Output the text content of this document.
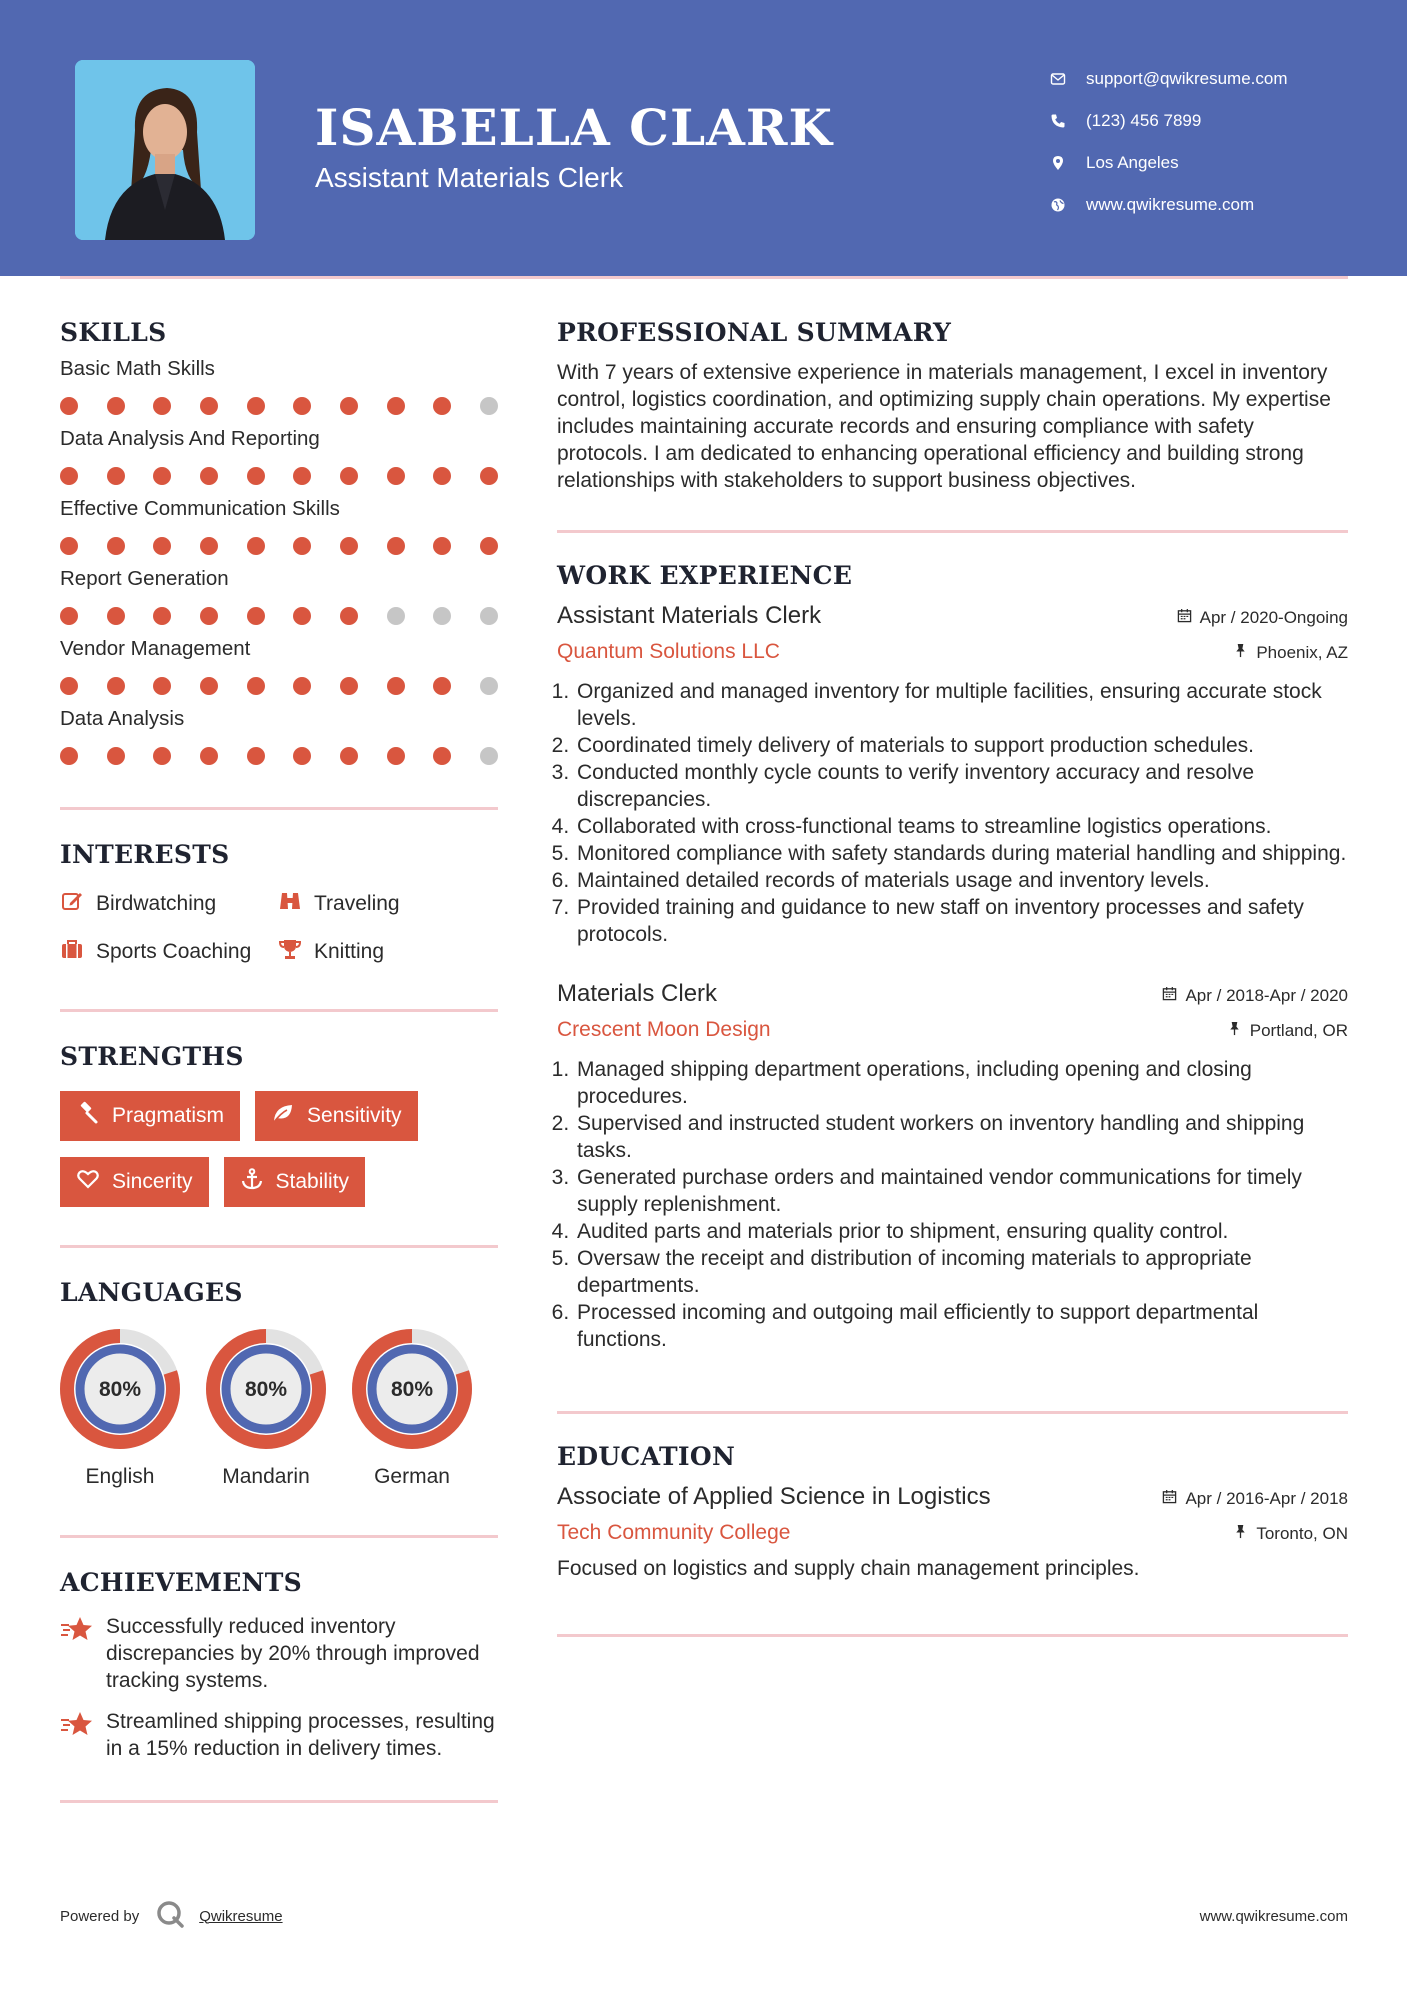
ISABELLA CLARK
Assistant Materials Clerk
support@qwikresume.com
(123) 456 7899
Los Angeles
www.qwikresume.com
SKILLS
Basic Math Skills
Data Analysis And Reporting
Effective Communication Skills
Report Generation
Vendor Management
Data Analysis
INTERESTS
Birdwatching	Traveling
Sports Coaching	Knitting
STRENGTHS
Pragmatism	Sensitivity
Sincerity	Stability
LANGUAGES
80%
English
80%
Mandarin
80%
German
ACHIEVEMENTS
Successfully reduced inventory discrepancies by 20% through improved tracking systems.
Streamlined shipping processes, resulting in a 15% reduction in delivery times.
PROFESSIONAL SUMMARY
With 7 years of extensive experience in materials management, I excel in inventory control, logistics coordination, and optimizing supply chain operations. My expertise includes maintaining accurate records and ensuring compliance with safety protocols. I am dedicated to enhancing operational efficiency and building strong relationships with stakeholders to support business objectives.
WORK EXPERIENCE
Assistant Materials Clerk	Apr / 2020-Ongoing
Quantum Solutions LLC	Phoenix, AZ
1. Organized and managed inventory for multiple facilities, ensuring accurate stock levels.
2. Coordinated timely delivery of materials to support production schedules.
3. Conducted monthly cycle counts to verify inventory accuracy and resolve discrepancies.
4. Collaborated with cross-functional teams to streamline logistics operations.
5. Monitored compliance with safety standards during material handling and shipping.
6. Maintained detailed records of materials usage and inventory levels.
7. Provided training and guidance to new staff on inventory processes and safety protocols.
Materials Clerk	Apr / 2018-Apr / 2020
Crescent Moon Design	Portland, OR
1. Managed shipping department operations, including opening and closing procedures.
2. Supervised and instructed student workers on inventory handling and shipping tasks.
3. Generated purchase orders and maintained vendor communications for timely supply replenishment.
4. Audited parts and materials prior to shipment, ensuring quality control.
5. Oversaw the receipt and distribution of incoming materials to appropriate departments.
6. Processed incoming and outgoing mail efficiently to support departmental functions.
EDUCATION
Associate of Applied Science in Logistics	Apr / 2016-Apr / 2018
Tech Community College	Toronto, ON
Focused on logistics and supply chain management principles.
Powered by	Qwikresume	www.qwikresume.com
